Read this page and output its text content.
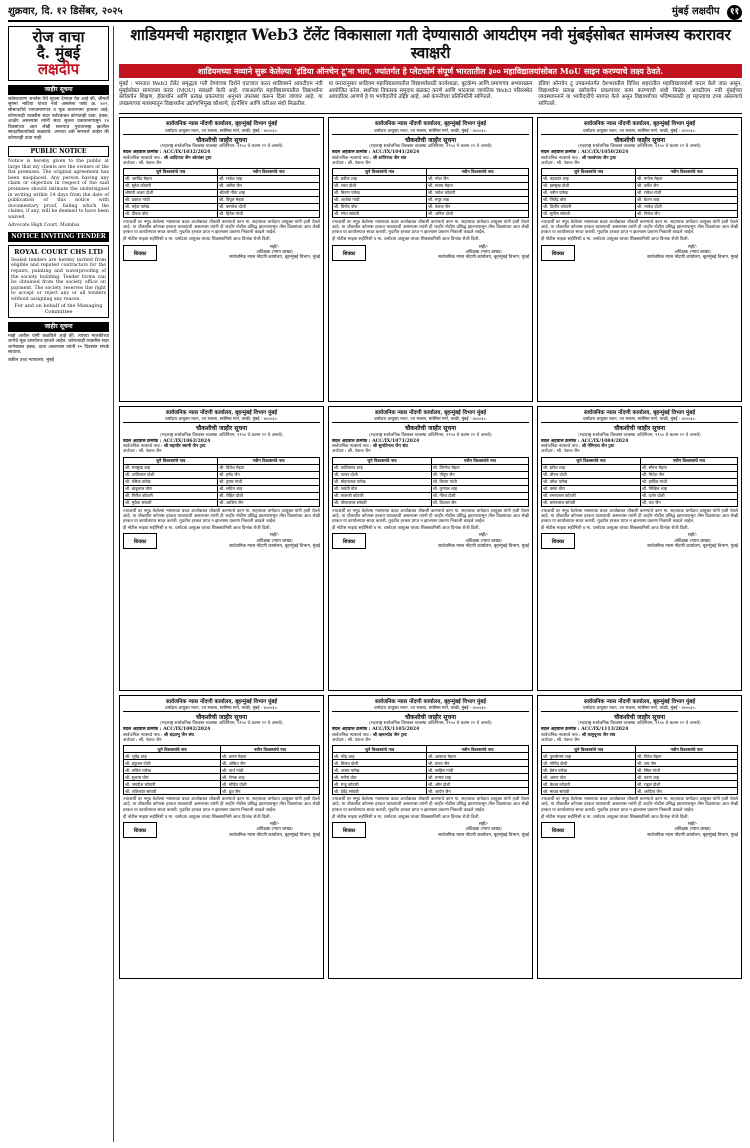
शुक्रवार, दि. १२ डिसेंबर, २०२५	मुंबई लक्षदीप ११
रोज वाचा
दै. मुंबई
लक्षदीप
जाहीर सूचना

सर्वसाधारण जनतेस येथे सूचना देण्यात येत आहे की, श्रीमती सुषमा भाटिया यांच्या नावे असलेला फ्लॅट क्र. ४०२, सोसायटीचे भागप्रमाणपत्र व मूळ करारनामा हरवला आहे. कोणत्याही व्यक्तीस सदर फ्लॅटबाबत कोणताही दावा, हक्क, आक्षेप असल्यास त्यांनी सदर सूचना प्रकाशनापासून १४ दिवसांच्या आत लेखी स्वरुपात पुराव्यासह खालील स्वाक्षरीकर्त्याकडे कळवावे. अन्यथा असे समजले जाईल की कोणताही दावा नाही.

PUBLIC NOTICE

Notice is hereby given to the public at large that my clients are the owners of the flat premises. The original agreement has been misplaced. Any person having any claim or objection in respect of the said premises should intimate the undersigned in writing within 14 days from the date of publication of this notice with documentary proof, failing which the claims, if any, will be deemed to have been waived.

Advocate High Court, Mumbai

NOTICE INVITING TENDER
ROYAL COURT CHS LTD
Sealed tenders are hereby invited from eligible and reputed contractors for the repairs, painting and waterproofing of the society building. Tender forms can be obtained from the society office on payment. The society reserves the right to accept or reject any or all tenders without assigning any reason.
For and on behalf of the Managing Committee
जाहीर सूचना

माझे अशील यांनी कळविले आहे की, त्यांच्या मालकीच्या जागेचे मूळ दस्तऐवज हरवले आहेत. कोणत्याही व्यक्तीस सदर जागेबाबत हक्क, दावा असल्यास त्यांनी १५ दिवसांत संपर्क साधावा.

वकील उच्च न्यायालय, मुंबई

शाडियमची महाराष्ट्रात Web3 टॅलेंट विकासाला गती देण्यासाठी आयटीएम नवी मुंबईसोबत सामंजस्य करारावर स्वाक्षरी
शाडियमच्या नव्याने सुरू केलेल्या 'इंडिया ऑनचेन टू'ना भाग, ज्यांतर्गत हे प्लेटफॉर्म संपूर्ण भारतातील ३०० महाविद्यालयांसोबत MoU साइन करण्याचे लक्ष्य ठेवते.

मुंबई : भारतात Web3 टॅलेंट समृद्धता गती देण्याच्या दिशेने वाटचाल करत शाडियमने आयटीएम नवी मुंबईसोबत सामंजस्य करार (MOU) स्वाक्षरी केली आहे. ज्याअंतर्गत महाविद्यालयातील विद्यार्थ्यांना ब्लॉकचेन शिक्षण, हॅकाथॉन आणि प्रत्यक्ष प्रकल्पांचा अनुभव उपलब्ध करून दिला जाणार आहे. या उपक्रमाच्या माध्यमातून विद्यार्थ्यांना उद्योगाभिमुख कौशल्ये, इंटर्नशिप आणि करिअर संधी मिळतील.

या करारानुसार शाडियम महाविद्यालयातील विद्यार्थ्यांसाठी कार्यशाळा, बूटकॅम्प आणि प्रमाणपत्र अभ्यासक्रम आयोजित करेल. स्थानिक विकसक समुदाय बळकट करणे आणि भारताला जागतिक Web3 परिसंस्थेत आघाडीवर आणणे हे या भागीदारीचे उद्दिष्ट आहे, असे कंपनीच्या प्रतिनिधींनी सांगितले.

इंडिया ऑनचेन टू उपक्रमांतर्गत देशभरातील विविध शहरांतील महाविद्यालयांशी करार केले जात असून, विद्यार्थ्यांना प्रत्यक्ष ब्लॉकचेन प्रकल्पांवर काम करण्याची संधी मिळेल. आयटीएम नवी मुंबईच्या व्यवस्थापनाने या भागीदारीचे स्वागत केले असून विद्यार्थ्यांच्या भविष्यासाठी हा महत्त्वाचा टप्पा असल्याचे सांगितले.

सार्वजनिक न्यास नोंदणी कार्यालय, बृहन्मुंबई विभाग मुंबई
धर्मादाय आयुक्त भवन, २रा मजला, सास्मिरा मार्ग, वरळी, मुंबई - ४०००३०.
चौकशीची जाहीर सूचना
(महाराष्ट्र सार्वजनिक विश्वस्त व्यवस्था अधिनियम, १९५० चे कलम २२ चे अन्वये)
बदल अहवाल क्रमांक : ACC/IX/1032/2024
सार्वजनिक न्यासाचे नाव : श्री आदिनाथ जैन श्वेतांबर ट्रस्ट
अर्जदार : श्री. पंकज जैन
जुने विश्वस्तांचे नाव	नवीन विश्वस्तांचे नाव
श्री. अरविंद मेहता	श्री. राजेश शाह
श्री. सुरेश कोठारी	श्री. अमित जैन
श्रीमती आशा दोशी	श्रीमती नीता शाह
श्री. प्रकाश गांधी	श्री. विपुल मेहता
श्री. महेश पारेख	श्री. कमलेश दोशी
श्री. दीपक वोरा	श्री. हितेश गांधी
ज्याअर्थी वर नमूद केलेल्या न्यासाच्या बदल अर्जाबाबत चौकशी करण्याचे काम मा. सहाय्यक धर्मादाय आयुक्त यांनी हाती घेतले आहे. या चौकशीत कोणास हरकत घ्यावयाची असल्यास त्यांनी ही जाहीर नोटीस प्रसिद्ध झाल्यापासून तीस दिवसांच्या आत लेखी हरकत या कार्यालयात सादर करावी. मुदतीत हरकत प्राप्त न झाल्यास प्रकरण निकाली काढले जाईल.
ही नोटीस माझ्या सहीनिशी व मा. धर्मादाय आयुक्त यांच्या शिक्क्यानिशी आज दिनांक रोजी दिली.
शिक्का
सही/-
अधिक्षक (न्याय शाखा)
सार्वजनिक न्यास नोंदणी कार्यालय, बृहन्मुंबई विभाग, मुंबई
सार्वजनिक न्यास नोंदणी कार्यालय, बृहन्मुंबई विभाग मुंबई
धर्मादाय आयुक्त भवन, २रा मजला, सास्मिरा मार्ग, वरळी, मुंबई - ४०००३०.
चौकशीची जाहीर सूचना
(महाराष्ट्र सार्वजनिक विश्वस्त व्यवस्था अधिनियम, १९५० चे कलम २२ चे अन्वये)
बदल अहवाल क्रमांक : ACC/IX/1041/2024
सार्वजनिक न्यासाचे नाव : श्री शांतिनाथ जैन संघ
अर्जदार : श्री. पंकज जैन
जुने विश्वस्तांचे नाव	नवीन विश्वस्तांचे नाव
श्री. प्रवीण शाह	श्री. नरेश जैन
श्री. भरत दोशी	श्री. संजय मेहता
श्री. किरण पारेख	श्री. जयेश कोठारी
श्री. अशोक गांधी	श्री. मयूर शाह
श्री. विनोद वोरा	श्री. पंकज जैन
श्री. रमेश सांघवी	श्री. अनिल दोशी
ज्याअर्थी वर नमूद केलेल्या न्यासाच्या बदल अर्जाबाबत चौकशी करण्याचे काम मा. सहाय्यक धर्मादाय आयुक्त यांनी हाती घेतले आहे. या चौकशीत कोणास हरकत घ्यावयाची असल्यास त्यांनी ही जाहीर नोटीस प्रसिद्ध झाल्यापासून तीस दिवसांच्या आत लेखी हरकत या कार्यालयात सादर करावी. मुदतीत हरकत प्राप्त न झाल्यास प्रकरण निकाली काढले जाईल.
ही नोटीस माझ्या सहीनिशी व मा. धर्मादाय आयुक्त यांच्या शिक्क्यानिशी आज दिनांक रोजी दिली.
शिक्का
सही/-
अधिक्षक (न्याय शाखा)
सार्वजनिक न्यास नोंदणी कार्यालय, बृहन्मुंबई विभाग, मुंबई
सार्वजनिक न्यास नोंदणी कार्यालय, बृहन्मुंबई विभाग मुंबई
धर्मादाय आयुक्त भवन, २रा मजला, सास्मिरा मार्ग, वरळी, मुंबई - ४०००३०.
चौकशीची जाहीर सूचना
(महाराष्ट्र सार्वजनिक विश्वस्त व्यवस्था अधिनियम, १९५० चे कलम २२ चे अन्वये)
बदल अहवाल क्रमांक : ACC/IX/1050/2024
सार्वजनिक न्यासाचे नाव : श्री पार्श्वनाथ जैन ट्रस्ट
अर्जदार : श्री. पंकज जैन
जुने विश्वस्तांचे नाव	नवीन विश्वस्तांचे नाव
श्री. चंद्रकांत शाह	श्री. मनोज मेहता
श्री. हसमुख दोशी	श्री. धर्मेश जैन
श्री. नवीन पारेख	श्री. राकेश गांधी
श्री. जितेंद्र वोरा	श्री. केतन शाह
श्री. दिलीप कोठारी	श्री. भावेश दोशी
श्री. सुनील सांघवी	श्री. निलेश जैन
ज्याअर्थी वर नमूद केलेल्या न्यासाच्या बदल अर्जाबाबत चौकशी करण्याचे काम मा. सहाय्यक धर्मादाय आयुक्त यांनी हाती घेतले आहे. या चौकशीत कोणास हरकत घ्यावयाची असल्यास त्यांनी ही जाहीर नोटीस प्रसिद्ध झाल्यापासून तीस दिवसांच्या आत लेखी हरकत या कार्यालयात सादर करावी. मुदतीत हरकत प्राप्त न झाल्यास प्रकरण निकाली काढले जाईल.
ही नोटीस माझ्या सहीनिशी व मा. धर्मादाय आयुक्त यांच्या शिक्क्यानिशी आज दिनांक रोजी दिली.
शिक्का
सही/-
अधिक्षक (न्याय शाखा)
सार्वजनिक न्यास नोंदणी कार्यालय, बृहन्मुंबई विभाग, मुंबई
सार्वजनिक न्यास नोंदणी कार्यालय, बृहन्मुंबई विभाग मुंबई
धर्मादाय आयुक्त भवन, २रा मजला, सास्मिरा मार्ग, वरळी, मुंबई - ४०००३०.
चौकशीची जाहीर सूचना
(महाराष्ट्र सार्वजनिक विश्वस्त व्यवस्था अधिनियम, १९५० चे कलम २२ चे अन्वये)
बदल अहवाल क्रमांक : ACC/IX/1063/2024
सार्वजनिक न्यासाचे नाव : श्री महावीर स्वामी जैन ट्रस्ट
अर्जदार : श्री. पंकज जैन
जुने विश्वस्तांचे नाव	नवीन विश्वस्तांचे नाव
श्री. मनसुख शाह	श्री. प्रितेश मेहता
श्री. शांतिलाल दोशी	श्री. हर्षद जैन
श्री. रसिक पारेख	श्री. तुषार गांधी
श्री. बाबुलाल वोरा	श्री. सचिन शाह
श्री. गिरीश कोठारी	श्री. रोहित दोशी
श्री. मुकेश सांघवी	श्री. आशिष जैन
ज्याअर्थी वर नमूद केलेल्या न्यासाच्या बदल अर्जाबाबत चौकशी करण्याचे काम मा. सहाय्यक धर्मादाय आयुक्त यांनी हाती घेतले आहे. या चौकशीत कोणास हरकत घ्यावयाची असल्यास त्यांनी ही जाहीर नोटीस प्रसिद्ध झाल्यापासून तीस दिवसांच्या आत लेखी हरकत या कार्यालयात सादर करावी. मुदतीत हरकत प्राप्त न झाल्यास प्रकरण निकाली काढले जाईल.
ही नोटीस माझ्या सहीनिशी व मा. धर्मादाय आयुक्त यांच्या शिक्क्यानिशी आज दिनांक रोजी दिली.
शिक्का
सही/-
अधिक्षक (न्याय शाखा)
सार्वजनिक न्यास नोंदणी कार्यालय, बृहन्मुंबई विभाग, मुंबई
सार्वजनिक न्यास नोंदणी कार्यालय, बृहन्मुंबई विभाग मुंबई
धर्मादाय आयुक्त भवन, २रा मजला, सास्मिरा मार्ग, वरळी, मुंबई - ४०००३०.
चौकशीची जाहीर सूचना
(महाराष्ट्र सार्वजनिक विश्वस्त व्यवस्था अधिनियम, १९५० चे कलम २२ चे अन्वये)
बदल अहवाल क्रमांक : ACC/IX/1071/2024
सार्वजनिक न्यासाचे नाव : श्री सुमतिनाथ जैन संघ
अर्जदार : श्री. पंकज जैन
जुने विश्वस्तांचे नाव	नवीन विश्वस्तांचे नाव
श्री. कांतिलाल शाह	श्री. जिग्नेश मेहता
श्री. नटवर दोशी	श्री. पीयूष जैन
श्री. मोहनलाल पारेख	श्री. चिराग गांधी
श्री. जयंती वोरा	श्री. कुणाल शाह
श्री. लालजी कोठारी	श्री. नीरव दोशी
श्री. पोपटलाल सांघवी	श्री. विशाल जैन
ज्याअर्थी वर नमूद केलेल्या न्यासाच्या बदल अर्जाबाबत चौकशी करण्याचे काम मा. सहाय्यक धर्मादाय आयुक्त यांनी हाती घेतले आहे. या चौकशीत कोणास हरकत घ्यावयाची असल्यास त्यांनी ही जाहीर नोटीस प्रसिद्ध झाल्यापासून तीस दिवसांच्या आत लेखी हरकत या कार्यालयात सादर करावी. मुदतीत हरकत प्राप्त न झाल्यास प्रकरण निकाली काढले जाईल.
ही नोटीस माझ्या सहीनिशी व मा. धर्मादाय आयुक्त यांच्या शिक्क्यानिशी आज दिनांक रोजी दिली.
शिक्का
सही/-
अधिक्षक (न्याय शाखा)
सार्वजनिक न्यास नोंदणी कार्यालय, बृहन्मुंबई विभाग, मुंबई
सार्वजनिक न्यास नोंदणी कार्यालय, बृहन्मुंबई विभाग मुंबई
धर्मादाय आयुक्त भवन, २रा मजला, सास्मिरा मार्ग, वरळी, मुंबई - ४०००३०.
चौकशीची जाहीर सूचना
(महाराष्ट्र सार्वजनिक विश्वस्त व्यवस्था अधिनियम, १९५० चे कलम २२ चे अन्वये)
बदल अहवाल क्रमांक : ACC/IX/1084/2024
सार्वजनिक न्यासाचे नाव : श्री नेमिनाथ जैन ट्रस्ट
अर्जदार : श्री. पंकज जैन
जुने विश्वस्तांचे नाव	नवीन विश्वस्तांचे नाव
श्री. हरीश शाह	श्री. सौरभ मेहता
श्री. धीरज दोशी	श्री. मितेश जैन
श्री. उमेश पारेख	श्री. हार्दिक गांधी
श्री. वसंत वोरा	श्री. निखिल शाह
श्री. रमणलाल कोठारी	श्री. दर्शन दोशी
श्री. छगनलाल सांघवी	श्री. यश जैन
ज्याअर्थी वर नमूद केलेल्या न्यासाच्या बदल अर्जाबाबत चौकशी करण्याचे काम मा. सहाय्यक धर्मादाय आयुक्त यांनी हाती घेतले आहे. या चौकशीत कोणास हरकत घ्यावयाची असल्यास त्यांनी ही जाहीर नोटीस प्रसिद्ध झाल्यापासून तीस दिवसांच्या आत लेखी हरकत या कार्यालयात सादर करावी. मुदतीत हरकत प्राप्त न झाल्यास प्रकरण निकाली काढले जाईल.
ही नोटीस माझ्या सहीनिशी व मा. धर्मादाय आयुक्त यांच्या शिक्क्यानिशी आज दिनांक रोजी दिली.
शिक्का
सही/-
अधिक्षक (न्याय शाखा)
सार्वजनिक न्यास नोंदणी कार्यालय, बृहन्मुंबई विभाग, मुंबई
सार्वजनिक न्यास नोंदणी कार्यालय, बृहन्मुंबई विभाग मुंबई
धर्मादाय आयुक्त भवन, २रा मजला, सास्मिरा मार्ग, वरळी, मुंबई - ४०००३०.
चौकशीची जाहीर सूचना
(महाराष्ट्र सार्वजनिक विश्वस्त व्यवस्था अधिनियम, १९५० चे कलम २२ चे अन्वये)
बदल अहवाल क्रमांक : ACC/IX/1092/2024
सार्वजनिक न्यासाचे नाव : श्री चंद्रप्रभु जैन संघ
अर्जदार : श्री. पंकज जैन
जुने विश्वस्तांचे नाव	नवीन विश्वस्तांचे नाव
श्री. भूपेंद्र शाह	श्री. करण मेहता
श्री. प्रफुल्ल दोशी	श्री. अंकित जैन
श्री. ललित पारेख	श्री. पार्थ गांधी
श्री. सुभाष वोरा	श्री. रोनक शाह
श्री. जगदीश कोठारी	श्री. मोहित दोशी
श्री. शशिकांत सांघवी	श्री. ध्रुव जैन
ज्याअर्थी वर नमूद केलेल्या न्यासाच्या बदल अर्जाबाबत चौकशी करण्याचे काम मा. सहाय्यक धर्मादाय आयुक्त यांनी हाती घेतले आहे. या चौकशीत कोणास हरकत घ्यावयाची असल्यास त्यांनी ही जाहीर नोटीस प्रसिद्ध झाल्यापासून तीस दिवसांच्या आत लेखी हरकत या कार्यालयात सादर करावी. मुदतीत हरकत प्राप्त न झाल्यास प्रकरण निकाली काढले जाईल.
ही नोटीस माझ्या सहीनिशी व मा. धर्मादाय आयुक्त यांच्या शिक्क्यानिशी आज दिनांक रोजी दिली.
शिक्का
सही/-
अधिक्षक (न्याय शाखा)
सार्वजनिक न्यास नोंदणी कार्यालय, बृहन्मुंबई विभाग, मुंबई
सार्वजनिक न्यास नोंदणी कार्यालय, बृहन्मुंबई विभाग मुंबई
धर्मादाय आयुक्त भवन, २रा मजला, सास्मिरा मार्ग, वरळी, मुंबई - ४०००३०.
चौकशीची जाहीर सूचना
(महाराष्ट्र सार्वजनिक विश्वस्त व्यवस्था अधिनियम, १९५० चे कलम २२ चे अन्वये)
बदल अहवाल क्रमांक : ACC/IX/1105/2024
सार्वजनिक न्यासाचे नाव : श्री ऋषभदेव जैन ट्रस्ट
अर्जदार : श्री. पंकज जैन
जुने विश्वस्तांचे नाव	नवीन विश्वस्तांचे नाव
श्री. नरेंद्र शाह	श्री. आकाश मेहता
श्री. विजय दोशी	श्री. प्रणव जैन
श्री. अजय पारेख	श्री. साहिल गांधी
श्री. मनीष वोरा	श्री. तन्मय शाह
श्री. राजू कोठारी	श्री. ओम दोशी
श्री. देवेंद्र सांघवी	श्री. आर्यन जैन
ज्याअर्थी वर नमूद केलेल्या न्यासाच्या बदल अर्जाबाबत चौकशी करण्याचे काम मा. सहाय्यक धर्मादाय आयुक्त यांनी हाती घेतले आहे. या चौकशीत कोणास हरकत घ्यावयाची असल्यास त्यांनी ही जाहीर नोटीस प्रसिद्ध झाल्यापासून तीस दिवसांच्या आत लेखी हरकत या कार्यालयात सादर करावी. मुदतीत हरकत प्राप्त न झाल्यास प्रकरण निकाली काढले जाईल.
ही नोटीस माझ्या सहीनिशी व मा. धर्मादाय आयुक्त यांच्या शिक्क्यानिशी आज दिनांक रोजी दिली.
शिक्का
सही/-
अधिक्षक (न्याय शाखा)
सार्वजनिक न्यास नोंदणी कार्यालय, बृहन्मुंबई विभाग, मुंबई
सार्वजनिक न्यास नोंदणी कार्यालय, बृहन्मुंबई विभाग मुंबई
धर्मादाय आयुक्त भवन, २रा मजला, सास्मिरा मार्ग, वरळी, मुंबई - ४०००३०.
चौकशीची जाहीर सूचना
(महाराष्ट्र सार्वजनिक विश्वस्त व्यवस्था अधिनियम, १९५० चे कलम २२ चे अन्वये)
बदल अहवाल क्रमांक : ACC/IX/1113/2024
सार्वजनिक न्यासाचे नाव : श्री वासुपूज्य जैन संघ
अर्जदार : श्री. पंकज जैन
जुने विश्वस्तांचे नाव	नवीन विश्वस्तांचे नाव
श्री. पुरुषोत्तम शाह	श्री. रितेश मेहता
श्री. गोविंद दोशी	श्री. जय जैन
श्री. हेमंत पारेख	श्री. स्मित गांधी
श्री. अरुण वोरा	श्री. वरुण शाह
श्री. केशव कोठारी	श्री. राहुल दोशी
श्री. माधव सांघवी	श्री. आदित्य जैन
ज्याअर्थी वर नमूद केलेल्या न्यासाच्या बदल अर्जाबाबत चौकशी करण्याचे काम मा. सहाय्यक धर्मादाय आयुक्त यांनी हाती घेतले आहे. या चौकशीत कोणास हरकत घ्यावयाची असल्यास त्यांनी ही जाहीर नोटीस प्रसिद्ध झाल्यापासून तीस दिवसांच्या आत लेखी हरकत या कार्यालयात सादर करावी. मुदतीत हरकत प्राप्त न झाल्यास प्रकरण निकाली काढले जाईल.
ही नोटीस माझ्या सहीनिशी व मा. धर्मादाय आयुक्त यांच्या शिक्क्यानिशी आज दिनांक रोजी दिली.
शिक्का
सही/-
अधिक्षक (न्याय शाखा)
सार्वजनिक न्यास नोंदणी कार्यालय, बृहन्मुंबई विभाग, मुंबई
